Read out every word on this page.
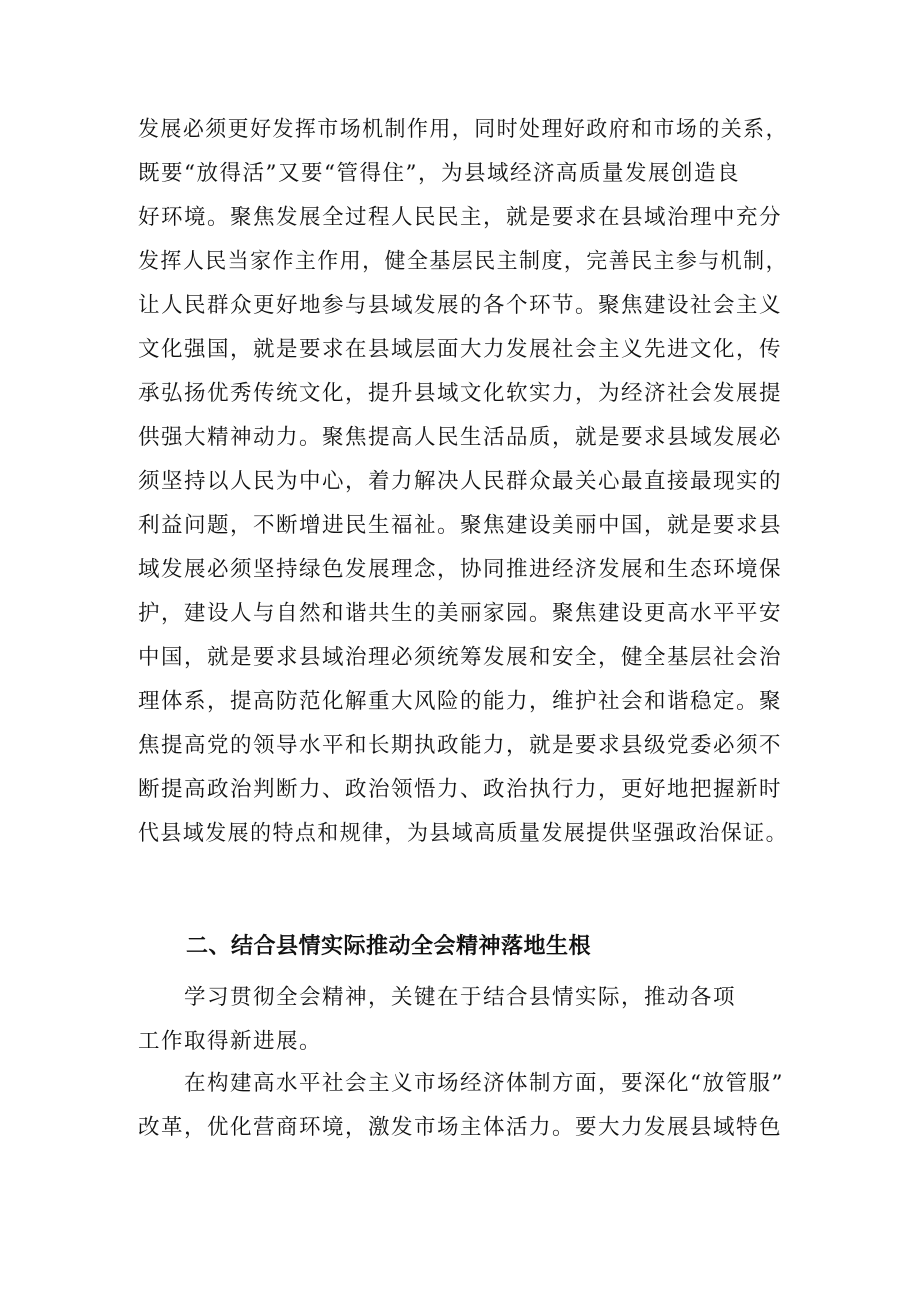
发展必须更好发挥市场机制作用，同时处理好政府和市场的关系，
既要“放得活”又要“管得住”，为县域经济高质量发展创造良
好环境。聚焦发展全过程人民民主，就是要求在县域治理中充分
发挥人民当家作主作用，健全基层民主制度，完善民主参与机制，
让人民群众更好地参与县域发展的各个环节。聚焦建设社会主义
文化强国，就是要求在县域层面大力发展社会主义先进文化，传
承弘扬优秀传统文化，提升县域文化软实力，为经济社会发展提
供强大精神动力。聚焦提高人民生活品质，就是要求县域发展必
须坚持以人民为中心，着力解决人民群众最关心最直接最现实的
利益问题，不断增进民生福祉。聚焦建设美丽中国，就是要求县
域发展必须坚持绿色发展理念，协同推进经济发展和生态环境保
护，建设人与自然和谐共生的美丽家园。聚焦建设更高水平平安
中国，就是要求县域治理必须统筹发展和安全，健全基层社会治
理体系，提高防范化解重大风险的能力，维护社会和谐稳定。聚
焦提高党的领导水平和长期执政能力，就是要求县级党委必须不
断提高政治判断力、政治领悟力、政治执行力，更好地把握新时
代县域发展的特点和规律，为县域高质量发展提供坚强政治保证。
二、结合县情实际推动全会精神落地生根
学习贯彻全会精神，关键在于结合县情实际，推动各项
工作取得新进展。
在构建高水平社会主义市场经济体制方面，要深化“放管服”
改革，优化营商环境，激发市场主体活力。要大力发展县域特色
